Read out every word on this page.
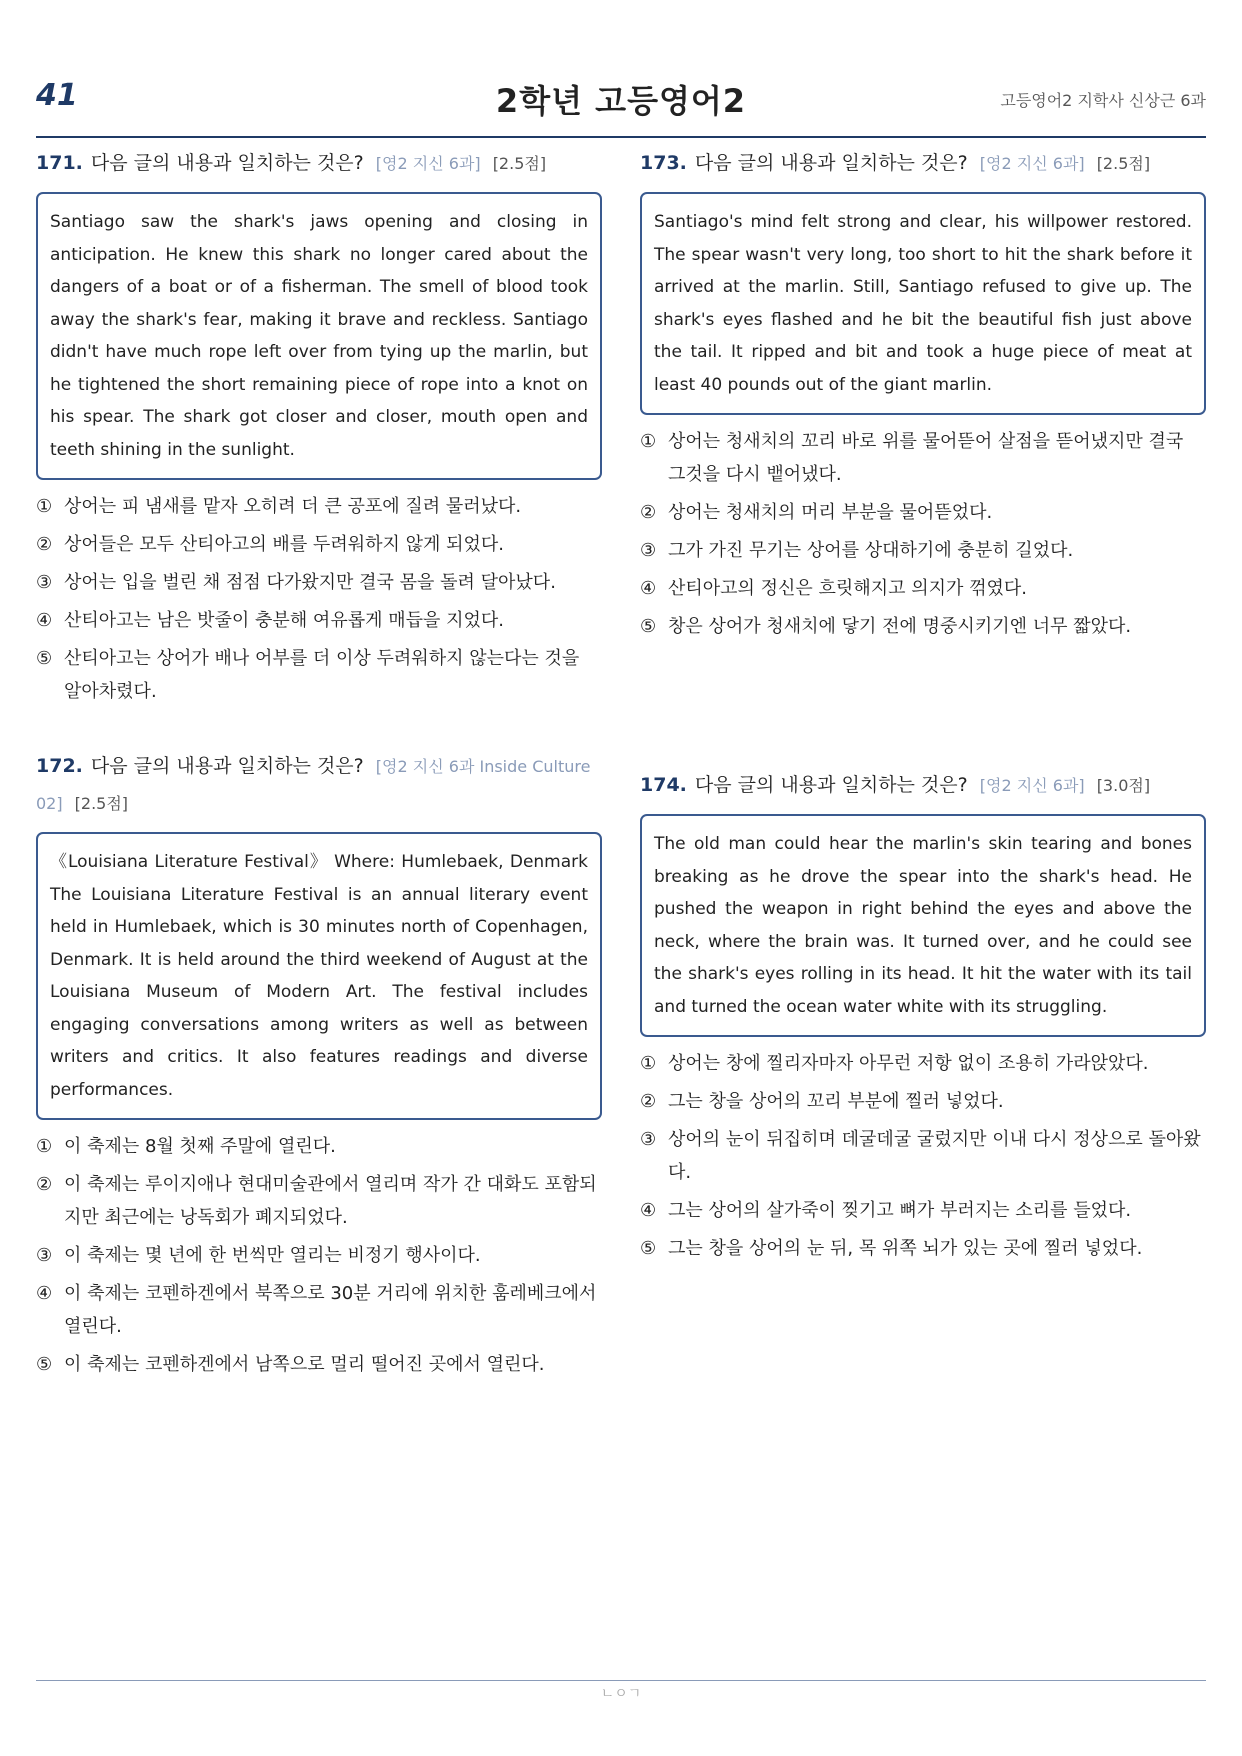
41	2학년 고등영어2	고등영어2 지학사 신상근 6과
171. 다음 글의 내용과 일치하는 것은? [영2 지신 6과] [2.5점]
Santiago saw the shark's jaws opening and closing in anticipation. He knew this shark no longer cared about the dangers of a boat or of a fisherman. The smell of blood took away the shark's fear, making it brave and reckless. Santiago didn't have much rope left over from tying up the marlin, but he tightened the short remaining piece of rope into a knot on his spear. The shark got closer and closer, mouth open and teeth shining in the sunlight.
① 상어는 피 냄새를 맡자 오히려 더 큰 공포에 질려 물러났다.
② 상어들은 모두 산티아고의 배를 두려워하지 않게 되었다.
③ 상어는 입을 벌린 채 점점 다가왔지만 결국 몸을 돌려 달아났다.
④ 산티아고는 남은 밧줄이 충분해 여유롭게 매듭을 지었다.
⑤ 산티아고는 상어가 배나 어부를 더 이상 두려워하지 않는다는 것을 알아차렸다.
172. 다음 글의 내용과 일치하는 것은? [영2 지신 6과 Inside Culture 02] [2.5점]
《Louisiana Literature Festival》 Where: Humlebaek, Denmark The Louisiana Literature Festival is an annual literary event held in Humlebaek, which is 30 minutes north of Copenhagen, Denmark. It is held around the third weekend of August at the Louisiana Museum of Modern Art. The festival includes engaging conversations among writers as well as between writers and critics. It also features readings and diverse performances.
① 이 축제는 8월 첫째 주말에 열린다.
② 이 축제는 루이지애나 현대미술관에서 열리며 작가 간 대화도 포함되지만 최근에는 낭독회가 폐지되었다.
③ 이 축제는 몇 년에 한 번씩만 열리는 비정기 행사이다.
④ 이 축제는 코펜하겐에서 북쪽으로 30분 거리에 위치한 훔레베크에서 열린다.
⑤ 이 축제는 코펜하겐에서 남쪽으로 멀리 떨어진 곳에서 열린다.
173. 다음 글의 내용과 일치하는 것은? [영2 지신 6과] [2.5점]
Santiago's mind felt strong and clear, his willpower restored. The spear wasn't very long, too short to hit the shark before it arrived at the marlin. Still, Santiago refused to give up. The shark's eyes flashed and he bit the beautiful fish just above the tail. It ripped and bit and took a huge piece of meat at least 40 pounds out of the giant marlin.
① 상어는 청새치의 꼬리 바로 위를 물어뜯어 살점을 뜯어냈지만 결국 그것을 다시 뱉어냈다.
② 상어는 청새치의 머리 부분을 물어뜯었다.
③ 그가 가진 무기는 상어를 상대하기에 충분히 길었다.
④ 산티아고의 정신은 흐릿해지고 의지가 꺾였다.
⑤ 창은 상어가 청새치에 닿기 전에 명중시키기엔 너무 짧았다.
174. 다음 글의 내용과 일치하는 것은? [영2 지신 6과] [3.0점]
The old man could hear the marlin's skin tearing and bones breaking as he drove the spear into the shark's head. He pushed the weapon in right behind the eyes and above the neck, where the brain was. It turned over, and he could see the shark's eyes rolling in its head. It hit the water with its tail and turned the ocean water white with its struggling.
① 상어는 창에 찔리자마자 아무런 저항 없이 조용히 가라앉았다.
② 그는 창을 상어의 꼬리 부분에 찔러 넣었다.
③ 상어의 눈이 뒤집히며 데굴데굴 굴렀지만 이내 다시 정상으로 돌아왔다.
④ 그는 상어의 살가죽이 찢기고 뼈가 부러지는 소리를 들었다.
⑤ 그는 창을 상어의 눈 뒤, 목 위쪽 뇌가 있는 곳에 찔러 넣었다.
ㄴㅇㄱ
